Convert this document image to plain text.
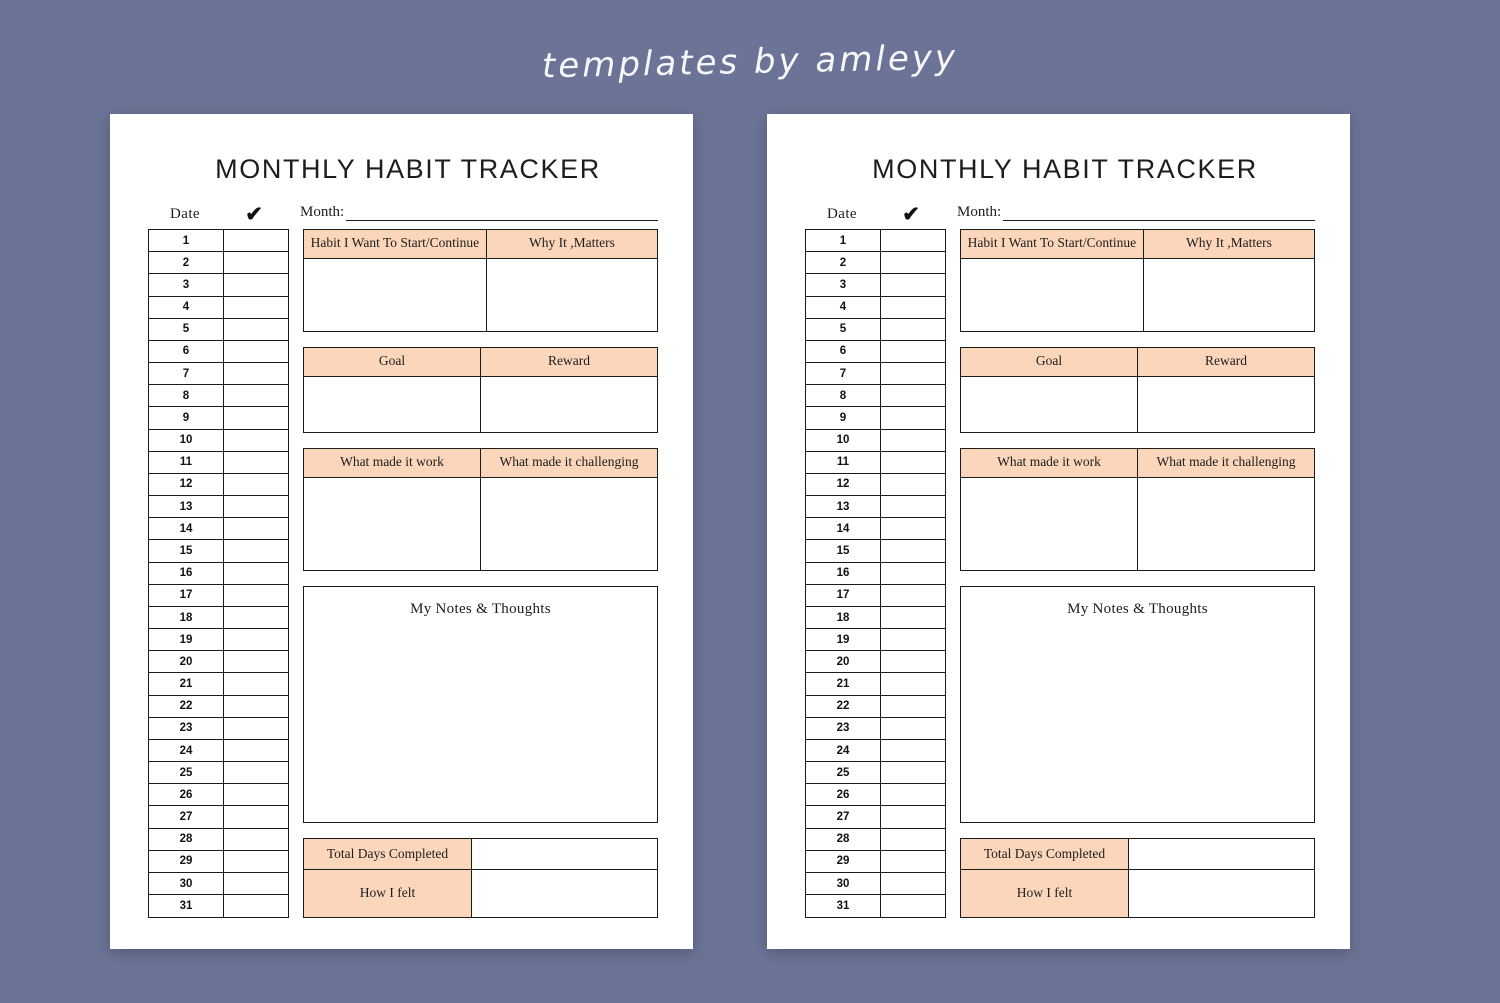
templates by amleyy
MONTHLY HABIT TRACKER
Date	✔	Month:
1	
2	
3	
4	
5	
6	
7	
8	
9	
10	
11	
12	
13	
14	
15	
16	
17	
18	
19	
20	
21	
22	
23	
24	
25	
26	
27	
28	
29	
30	
31	
Habit I Want To Start/Continue	Why It ,Matters
Goal	Reward
What made it work	What made it challenging
My Notes & Thoughts
Total Days Completed
How I felt
MONTHLY HABIT TRACKER
Date	✔	Month:
1	
2	
3	
4	
5	
6	
7	
8	
9	
10	
11	
12	
13	
14	
15	
16	
17	
18	
19	
20	
21	
22	
23	
24	
25	
26	
27	
28	
29	
30	
31	
Habit I Want To Start/Continue	Why It ,Matters
Goal	Reward
What made it work	What made it challenging
My Notes & Thoughts
Total Days Completed
How I felt
